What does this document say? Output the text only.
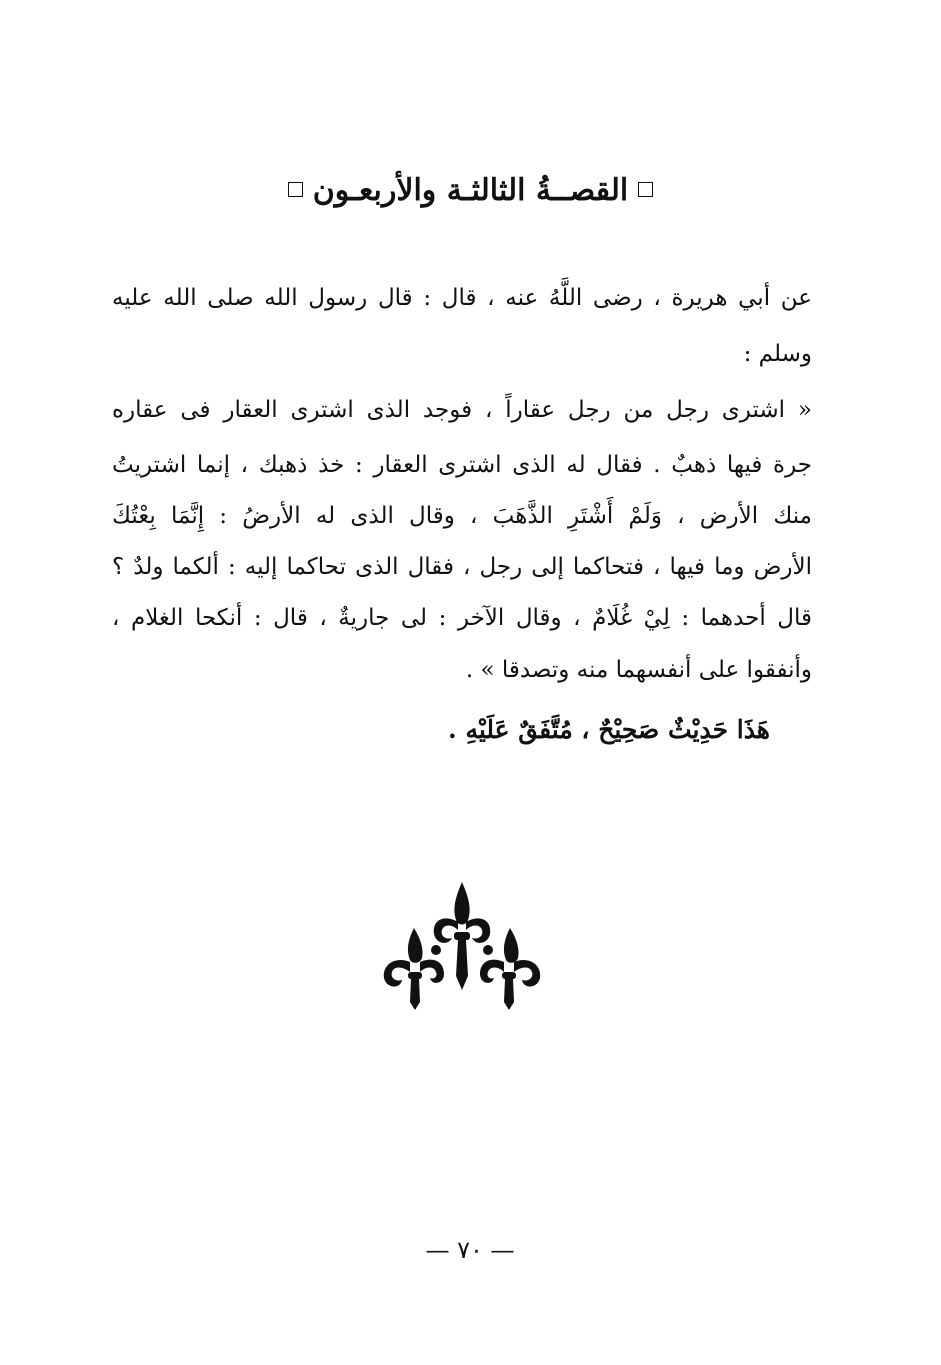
القصــةُ الثالثـة والأربعـون
عن أبي هريرة ، رضى اللَّهُ عنه ، قال : قال رسول الله صلى الله عليه
وسلم :
« اشترى رجل من رجل عقاراً ، فوجد الذى اشترى العقار فى عقاره
جرة فيها ذهبٌ . فقال له الذى اشترى العقار : خذ ذهبك ، إنما اشتريتُ
منك الأرض ، وَلَمْ أَشْتَرِ الذَّهَبَ ، وقال الذى له الأرضُ : إِنَّمَا بِعْتُكَ
الأرض وما فيها ، فتحاكما إلى رجل ، فقال الذى تحاكما إليه : ألكما ولدٌ ؟
قال أحدهما : لِيْ غُلَامٌ ، وقال الآخر : لى جاريةٌ ، قال : أنكحا الغلام ،
وأنفقوا على أنفسهما منه وتصدقا » .
هَذَا حَدِيْثٌ صَحِيْحٌ ، مُتَّفَقٌ عَلَيْهِ .
— ٧٠ —
